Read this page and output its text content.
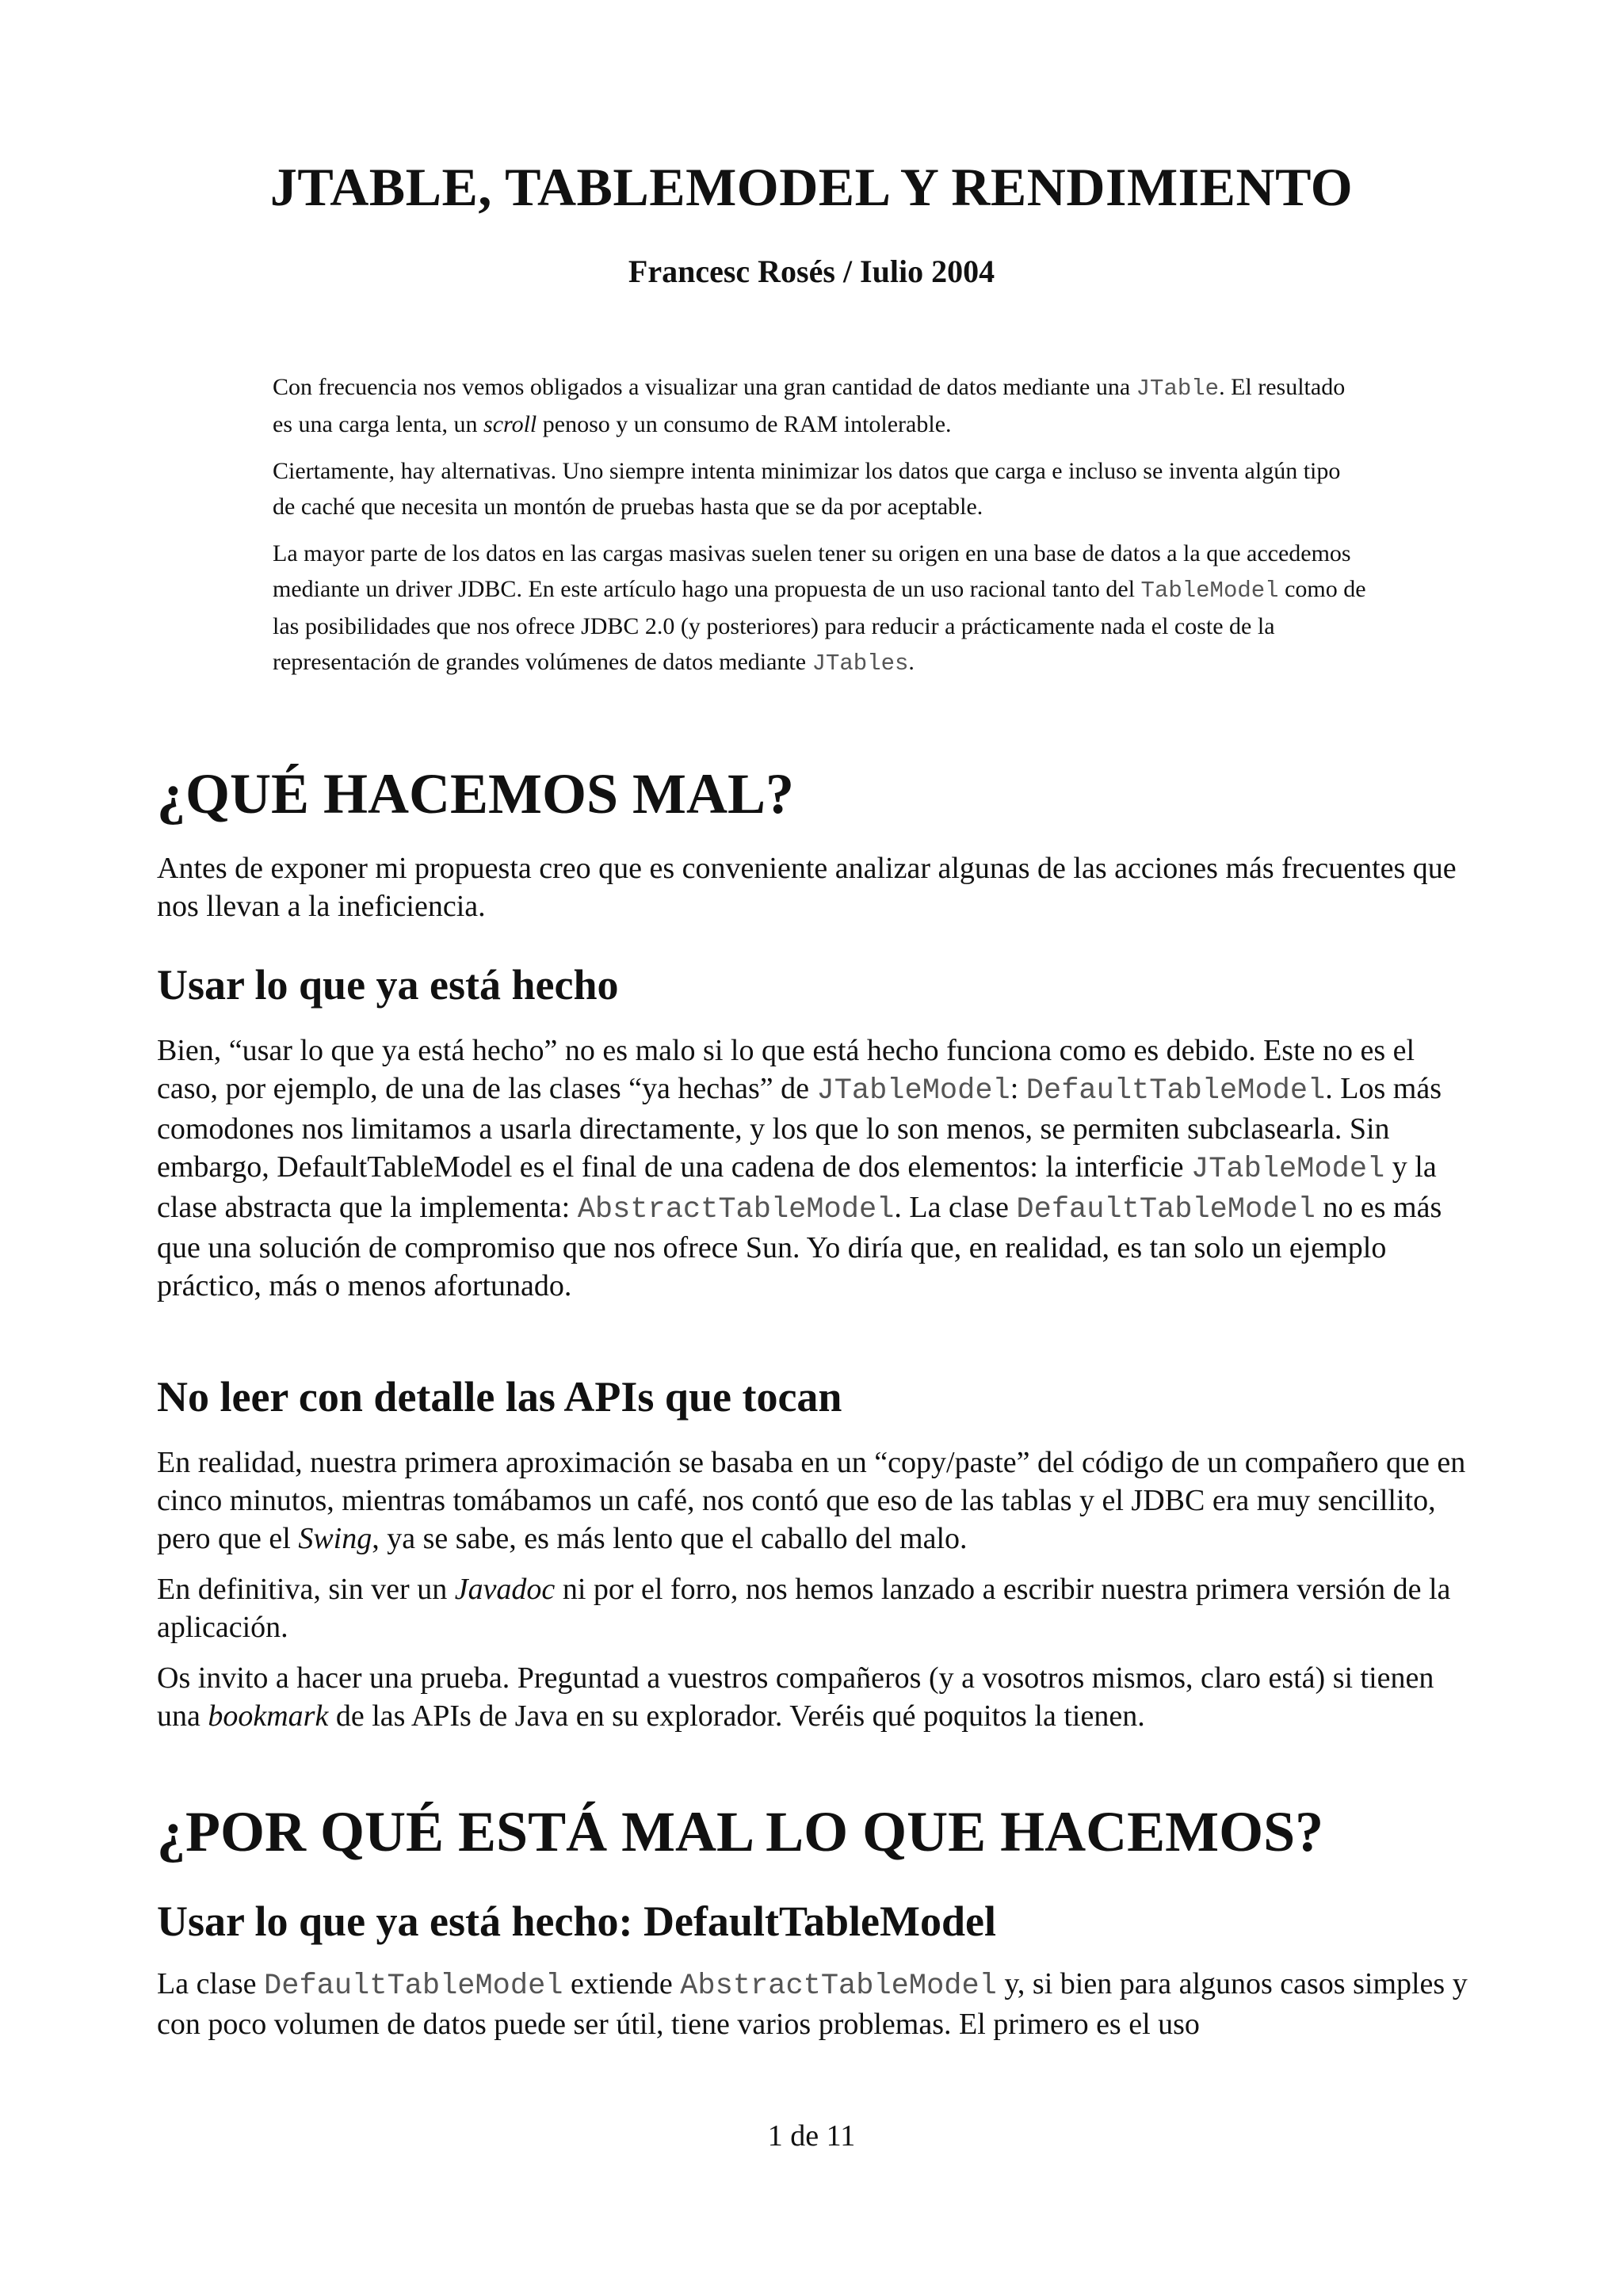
JTABLE, TABLEMODEL Y RENDIMIENTO
Francesc Rosés / Iulio 2004

Con frecuencia nos vemos obligados a visualizar una gran cantidad de datos mediante una JTable. El resultado es una carga lenta, un scroll penoso y un consumo de RAM intolerable.

Ciertamente, hay alternativas. Uno siempre intenta minimizar los datos que carga e incluso se inventa algún tipo de caché que necesita un montón de pruebas hasta que se da por aceptable.

La mayor parte de los datos en las cargas masivas suelen tener su origen en una base de datos a la que accedemos mediante un driver JDBC. En este artículo hago una propuesta de un uso racional tanto del TableModel como de las posibilidades que nos ofrece JDBC 2.0 (y posteriores) para reducir a prácticamente nada el coste de la representación de grandes volúmenes de datos mediante JTables.

¿QUÉ HACEMOS MAL?

Antes de exponer mi propuesta creo que es conveniente analizar algunas de las acciones más frecuentes que nos llevan a la ineficiencia.

Usar lo que ya está hecho

Bien, “usar lo que ya está hecho” no es malo si lo que está hecho funciona como es debido. Este no es el caso, por ejemplo, de una de las clases “ya hechas” de JTableModel: DefaultTableModel. Los más comodones nos limitamos a usarla directamente, y los que lo son menos, se permiten subclasearla. Sin embargo, DefaultTableModel es el final de una cadena de dos elementos: la interficie JTableModel y la clase abstracta que la implementa: AbstractTableModel. La clase DefaultTableModel no es más que una solución de compromiso que nos ofrece Sun. Yo diría que, en realidad, es tan solo un ejemplo práctico, más o menos afortunado.

No leer con detalle las APIs que tocan

En realidad, nuestra primera aproximación se basaba en un “copy/paste” del código de un compañero que en cinco minutos, mientras tomábamos un café, nos contó que eso de las tablas y el JDBC era muy sencillito, pero que el Swing, ya se sabe, es más lento que el caballo del malo.

En definitiva, sin ver un Javadoc ni por el forro, nos hemos lanzado a escribir nuestra primera versión de la aplicación.

Os invito a hacer una prueba. Preguntad a vuestros compañeros (y a vosotros mismos, claro está) si tienen una bookmark de las APIs de Java en su explorador. Veréis qué poquitos la tienen.

¿POR QUÉ ESTÁ MAL LO QUE HACEMOS?
Usar lo que ya está hecho: DefaultTableModel

La clase DefaultTableModel extiende AbstractTableModel y, si bien para algunos casos simples y con poco volumen de datos puede ser útil, tiene varios problemas. El primero es el uso

1 de 11
